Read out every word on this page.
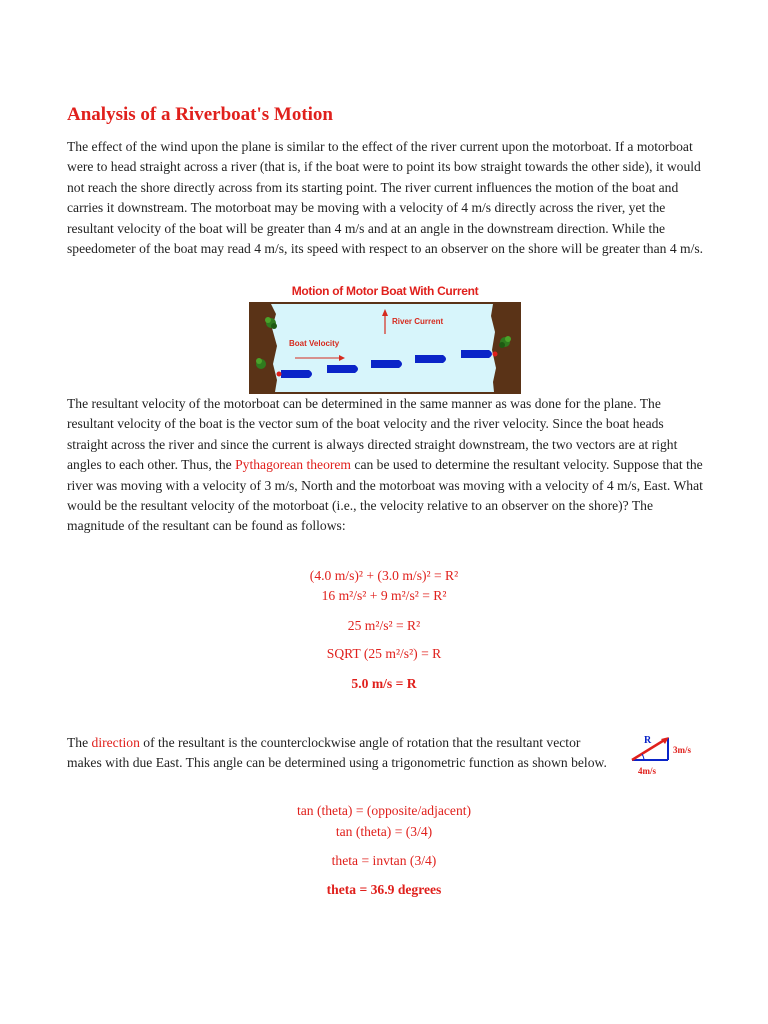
Analysis of a Riverboat's Motion

The effect of the wind upon the plane is similar to the effect of the river current upon the motorboat. If a motorboat were to head straight across a river (that is, if the boat were to point its bow straight towards the other side), it would not reach the shore directly across from its starting point. The river current influences the motion of the boat and carries it downstream. The motorboat may be moving with a velocity of 4 m/s directly across the river, yet the resultant velocity of the boat will be greater than 4 m/s and at an angle in the downstream direction. While the speedometer of the boat may read 4 m/s, its speed with respect to an observer on the shore will be greater than 4 m/s.

Motion of Motor Boat With Current
River Current
Boat Velocity

The resultant velocity of the motorboat can be determined in the same manner as was done for the plane. The resultant velocity of the boat is the vector sum of the boat velocity and the river velocity. Since the boat heads straight across the river and since the current is always directed straight downstream, the two vectors are at right angles to each other. Thus, the Pythagorean theorem can be used to determine the resultant velocity. Suppose that the river was moving with a velocity of 3 m/s, North and the motorboat was moving with a velocity of 4 m/s, East. What would be the resultant velocity of the motorboat (i.e., the velocity relative to an observer on the shore)? The magnitude of the resultant can be found as follows:

(4.0 m/s)² + (3.0 m/s)² = R²
16 m²/s² + 9 m²/s² = R²
25 m²/s² = R²
SQRT (25 m²/s²) = R
5.0 m/s = R

The direction of the resultant is the counterclockwise angle of rotation that the resultant vector makes with due East. This angle can be determined using a trigonometric function as shown below.

R
3m/s
4m/s
tan (theta) = (opposite/adjacent)
tan (theta) = (3/4)
theta = invtan (3/4)
theta = 36.9 degrees
